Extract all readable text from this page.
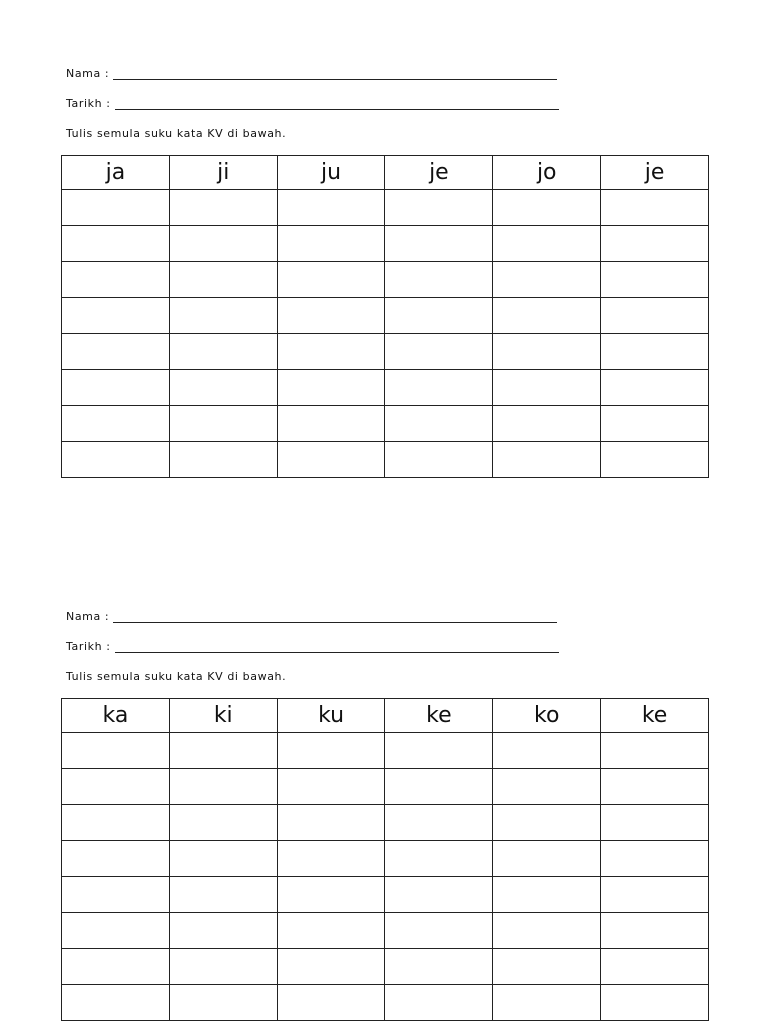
Nama :
Tarikh :
Tulis semula suku kata KV di bawah.
ja	ji	ju	je	jo	je

Nama :
Tarikh :
Tulis semula suku kata KV di bawah.
ka	ki	ku	ke	ko	ke
